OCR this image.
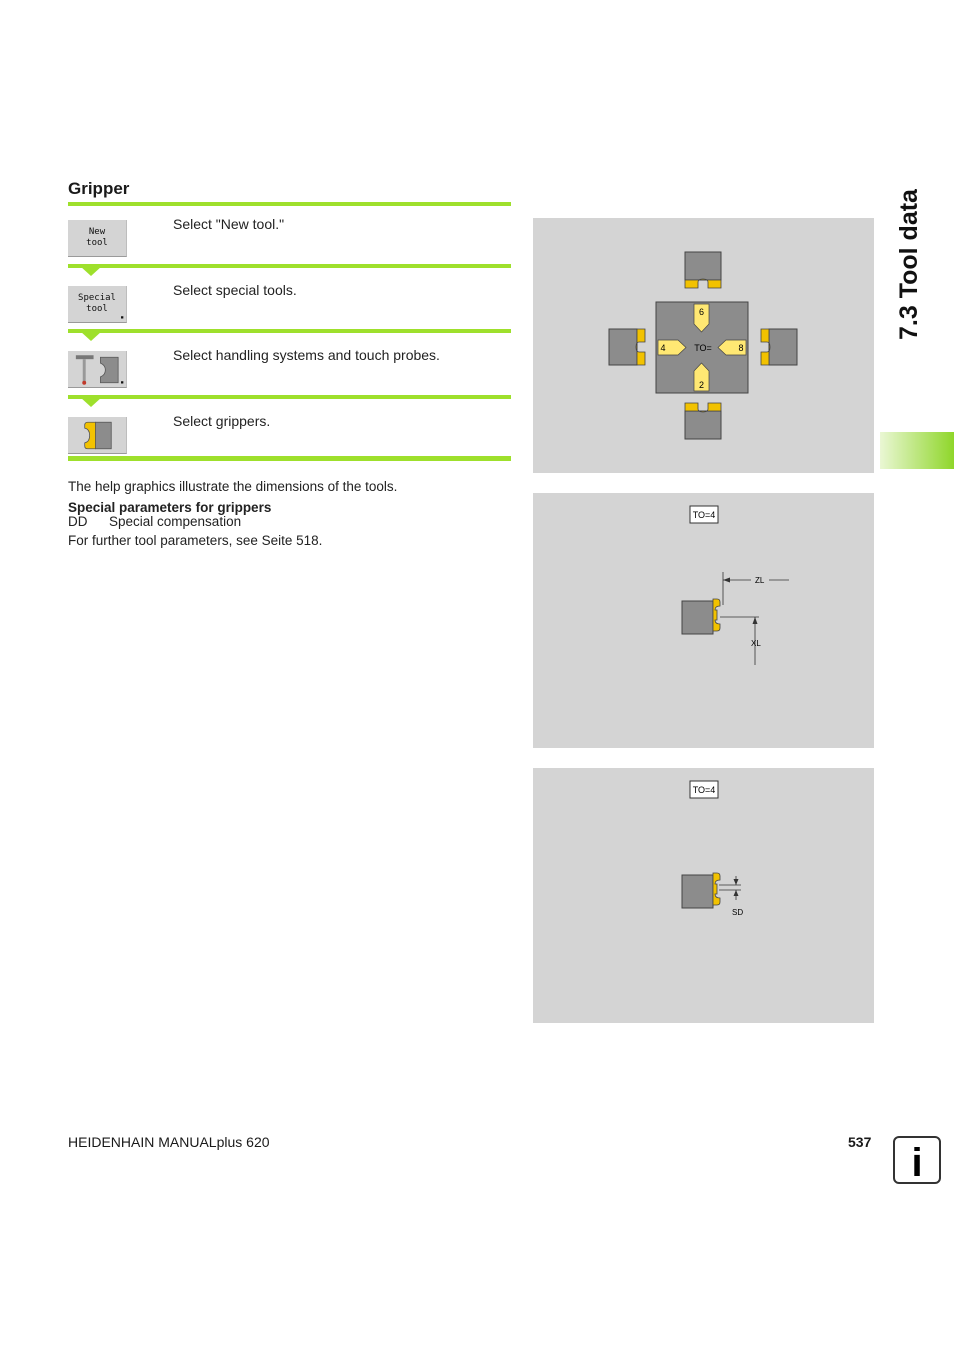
Gripper
New
tool
Select "New tool."
Special
tool
▪
Select special tools.
▪
Select handling systems and touch probes.
Select grippers.
The help graphics illustrate the dimensions of the tools.
Special parameters for grippers
DD Special compensation
For further tool parameters, see Seite 518.
6
4	TO=	8
2
TO=4
ZL
XL
TO=4
SD
7.3 Tool data
HEIDENHAIN MANUALplus 620	537 i
